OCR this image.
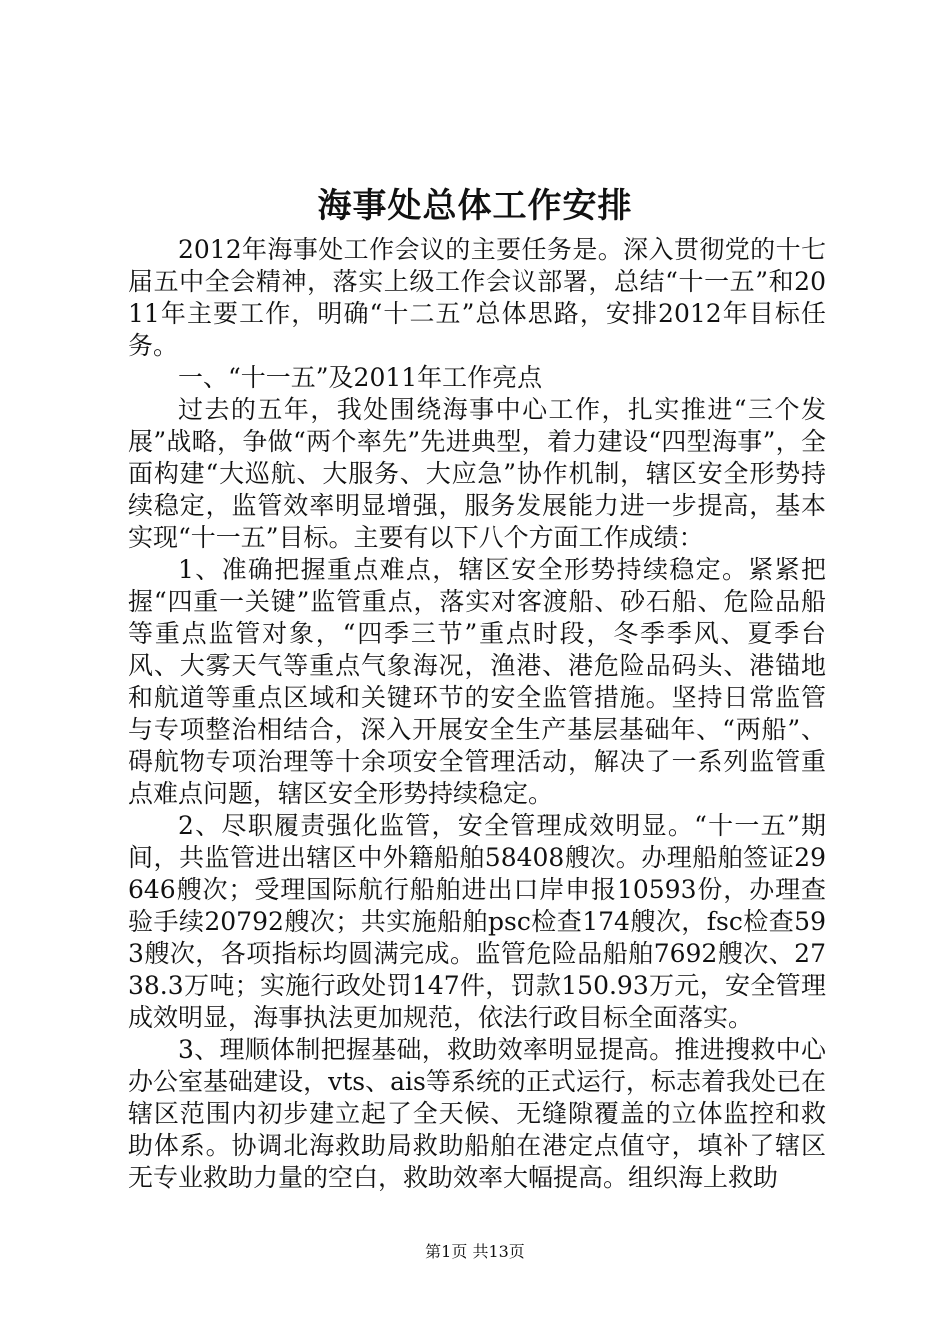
海事处总体工作安排

2012年海事处工作会议的主要任务是。深入贯彻党的十七届五中全会精神，落实上级工作会议部署，总结“十一五”和2011年主要工作，明确“十二五”总体思路，安排2012年目标任务。

一、“十一五”及2011年工作亮点

过去的五年，我处围绕海事中心工作，扎实推进“三个发展”战略，争做“两个率先”先进典型，着力建设“四型海事”，全面构建“大巡航、大服务、大应急”协作机制，辖区安全形势持续稳定，监管效率明显增强，服务发展能力进一步提高，基本实现“十一五”目标。主要有以下八个方面工作成绩：

1、准确把握重点难点，辖区安全形势持续稳定。紧紧把握“四重一关键”监管重点，落实对客渡船、砂石船、危险品船等重点监管对象，“四季三节”重点时段，冬季季风、夏季台风、大雾天气等重点气象海况，渔港、港危险品码头、港锚地和航道等重点区域和关键环节的安全监管措施。坚持日常监管与专项整治相结合，深入开展安全生产基层基础年、“两船”、碍航物专项治理等十余项安全管理活动，解决了一系列监管重点难点问题，辖区安全形势持续稳定。

2、尽职履责强化监管，安全管理成效明显。“十一五”期间，共监管进出辖区中外籍船舶58408艘次。办理船舶签证29646艘次；受理国际航行船舶进出口岸申报10593份，办理查验手续20792艘次；共实施船舶psc检查174艘次，fsc检查593艘次，各项指标均圆满完成。监管危险品船舶7692艘次、2738.3万吨；实施行政处罚147件，罚款150.93万元，安全管理成效明显，海事执法更加规范，依法行政目标全面落实。

3、理顺体制把握基础，救助效率明显提高。推进搜救中心办公室基础建设，vts、ais等系统的正式运行，标志着我处已在辖区范围内初步建立起了全天候、无缝隙覆盖的立体监控和救助体系。协调北海救助局救助船舶在港定点值守，填补了辖区无专业救助力量的空白，救助效率大幅提高。组织海上救助

第1页 共13页
